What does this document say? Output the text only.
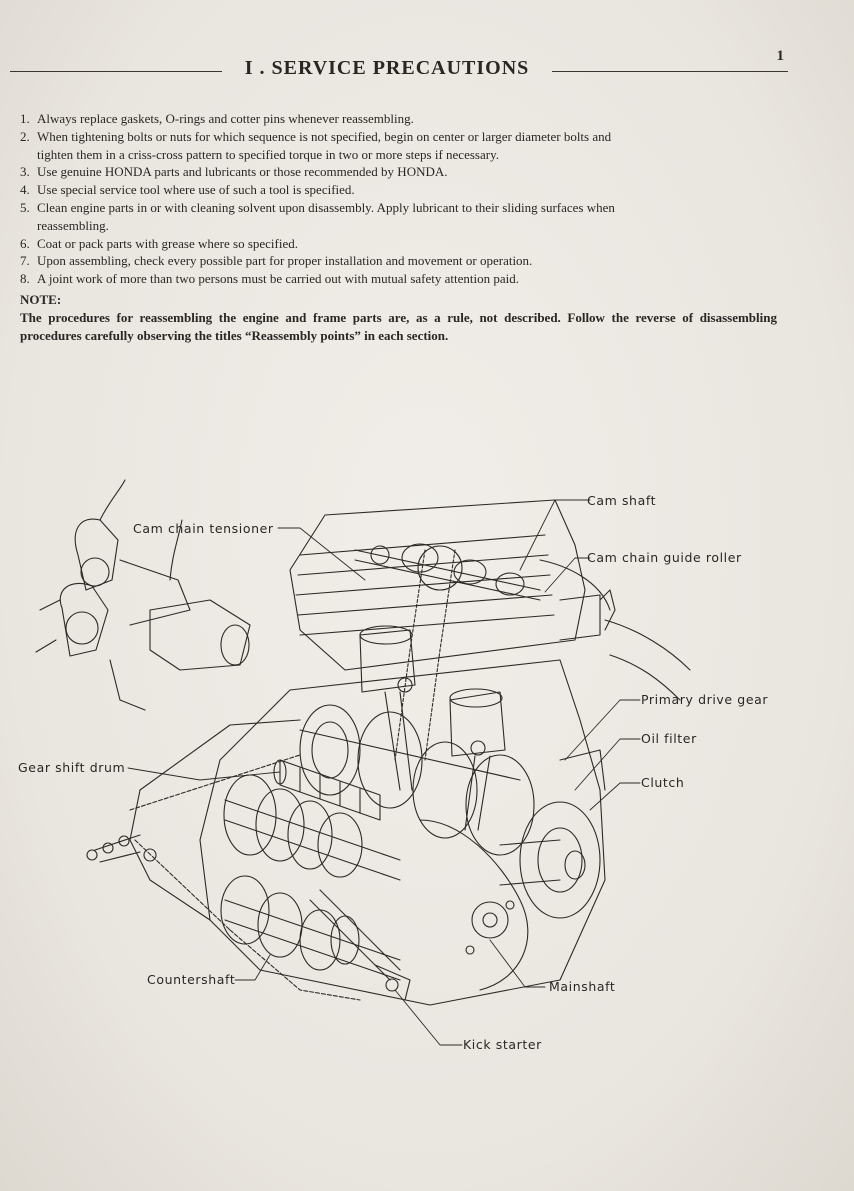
1
I . SERVICE PRECAUTIONS
1. Always replace gaskets, O-rings and cotter pins whenever reassembling.
2. When tightening bolts or nuts for which sequence is not specified, begin on center or larger diameter bolts and
tighten them in a criss-cross pattern to specified torque in two or more steps if necessary.
3. Use genuine HONDA parts and lubricants or those recommended by HONDA.
4. Use special service tool where use of such a tool is specified.
5. Clean engine parts in or with cleaning solvent upon disassembly. Apply lubricant to their sliding surfaces when
reassembling.
6. Coat or pack parts with grease where so specified.
7. Upon assembling, check every possible part for proper installation and movement or operation.
8. A joint work of more than two persons must be carried out with mutual safety attention paid.
NOTE:
The procedures for reassembling the engine and frame parts are, as a rule, not described. Follow the reverse of disassembling procedures carefully observing the titles “Reassembly points” in each section.
Cam shaft
Cam chain tensioner
Cam chain guide roller
Primary drive gear
Oil filter
Clutch
Gear shift drum
Countershaft	Mainshaft
Kick starter
